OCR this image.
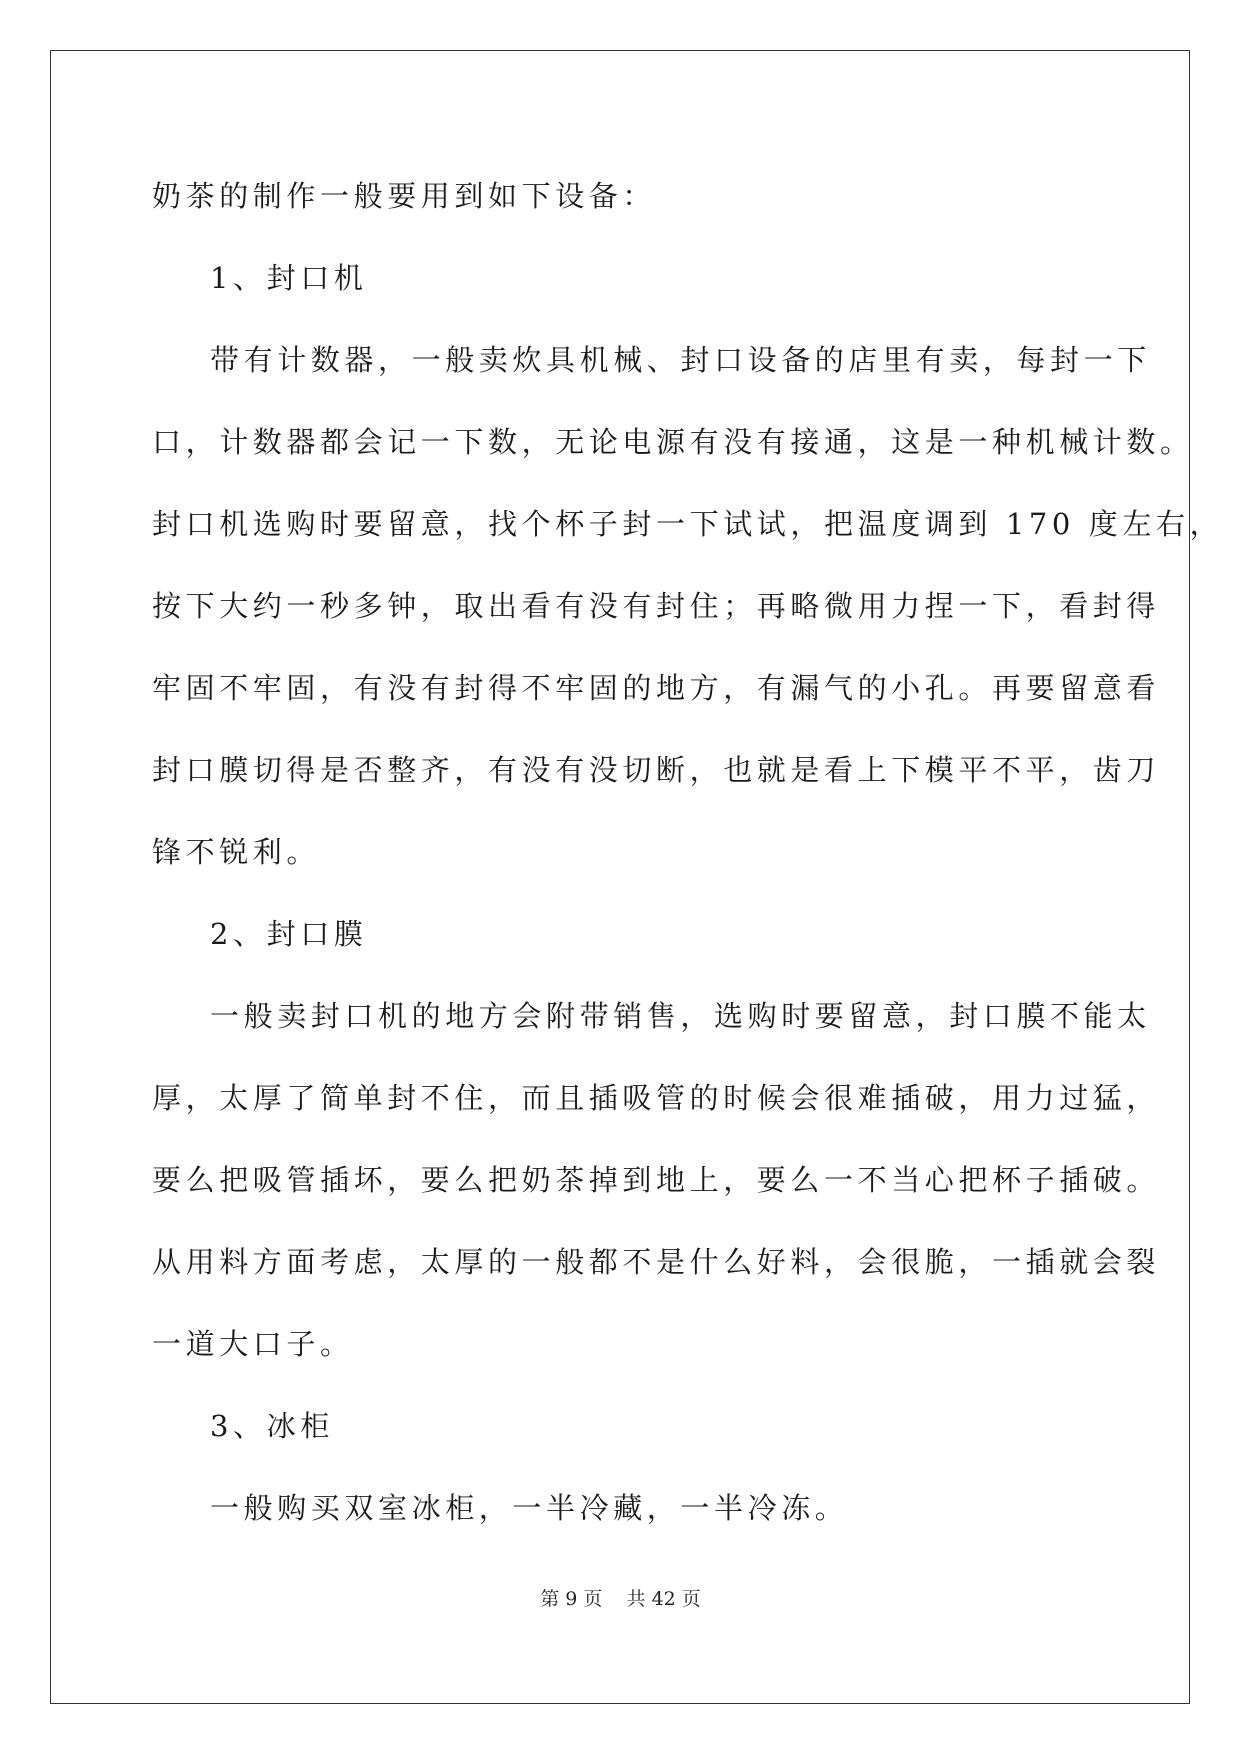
奶茶的制作一般要用到如下设备：
1、封口机
带有计数器，一般卖炊具机械、封口设备的店里有卖，每封一下
口，计数器都会记一下数，无论电源有没有接通，这是一种机械计数。
封口机选购时要留意，找个杯子封一下试试，把温度调到 170 度左右，
按下大约一秒多钟，取出看有没有封住；再略微用力捏一下，看封得
牢固不牢固，有没有封得不牢固的地方，有漏气的小孔。再要留意看
封口膜切得是否整齐，有没有没切断，也就是看上下模平不平，齿刀
锋不锐利。
2、封口膜
一般卖封口机的地方会附带销售，选购时要留意，封口膜不能太
厚，太厚了简单封不住，而且插吸管的时候会很难插破，用力过猛，
要么把吸管插坏，要么把奶茶掉到地上，要么一不当心把杯子插破。
从用料方面考虑，太厚的一般都不是什么好料，会很脆，一插就会裂
一道大口子。
3、冰柜
一般购买双室冰柜，一半冷藏，一半冷冻。
第 9 页 共 42 页
